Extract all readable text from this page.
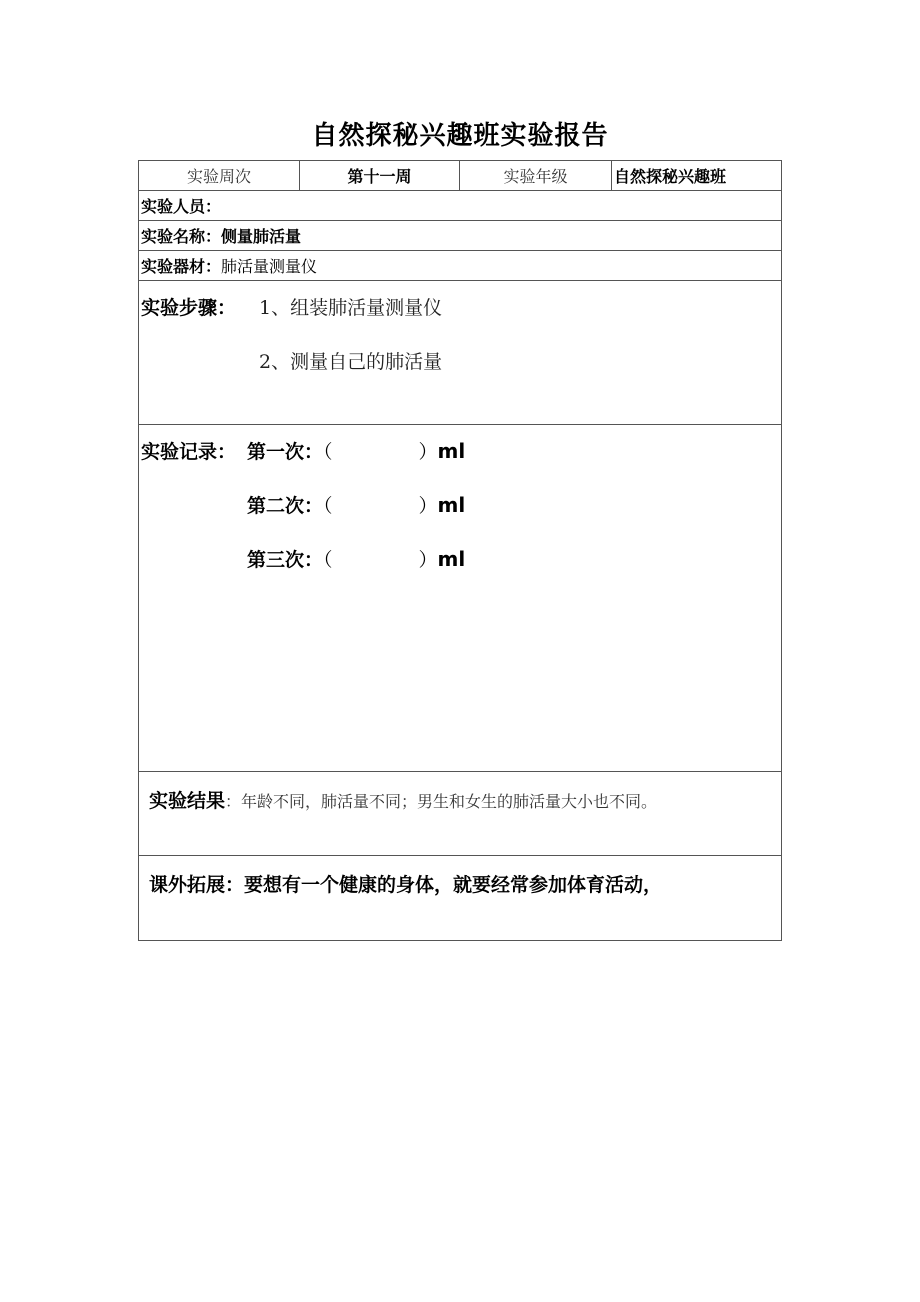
自然探秘兴趣班实验报告
实验周次	第十一周	实验年级	自然探秘兴趣班
实验人员：
实验名称：侧量肺活量
实验器材：肺活量测量仪

实验步骤： 1、组装肺活量测量仪
2、测量自己的肺活量

实验记录： 第一次：（	）ml
第二次：（	）ml
第三次：（	）ml

实验结果：年龄不同，肺活量不同；男生和女生的肺活量大小也不同。

课外拓展：要想有一个健康的身体，就要经常参加体育活动，
